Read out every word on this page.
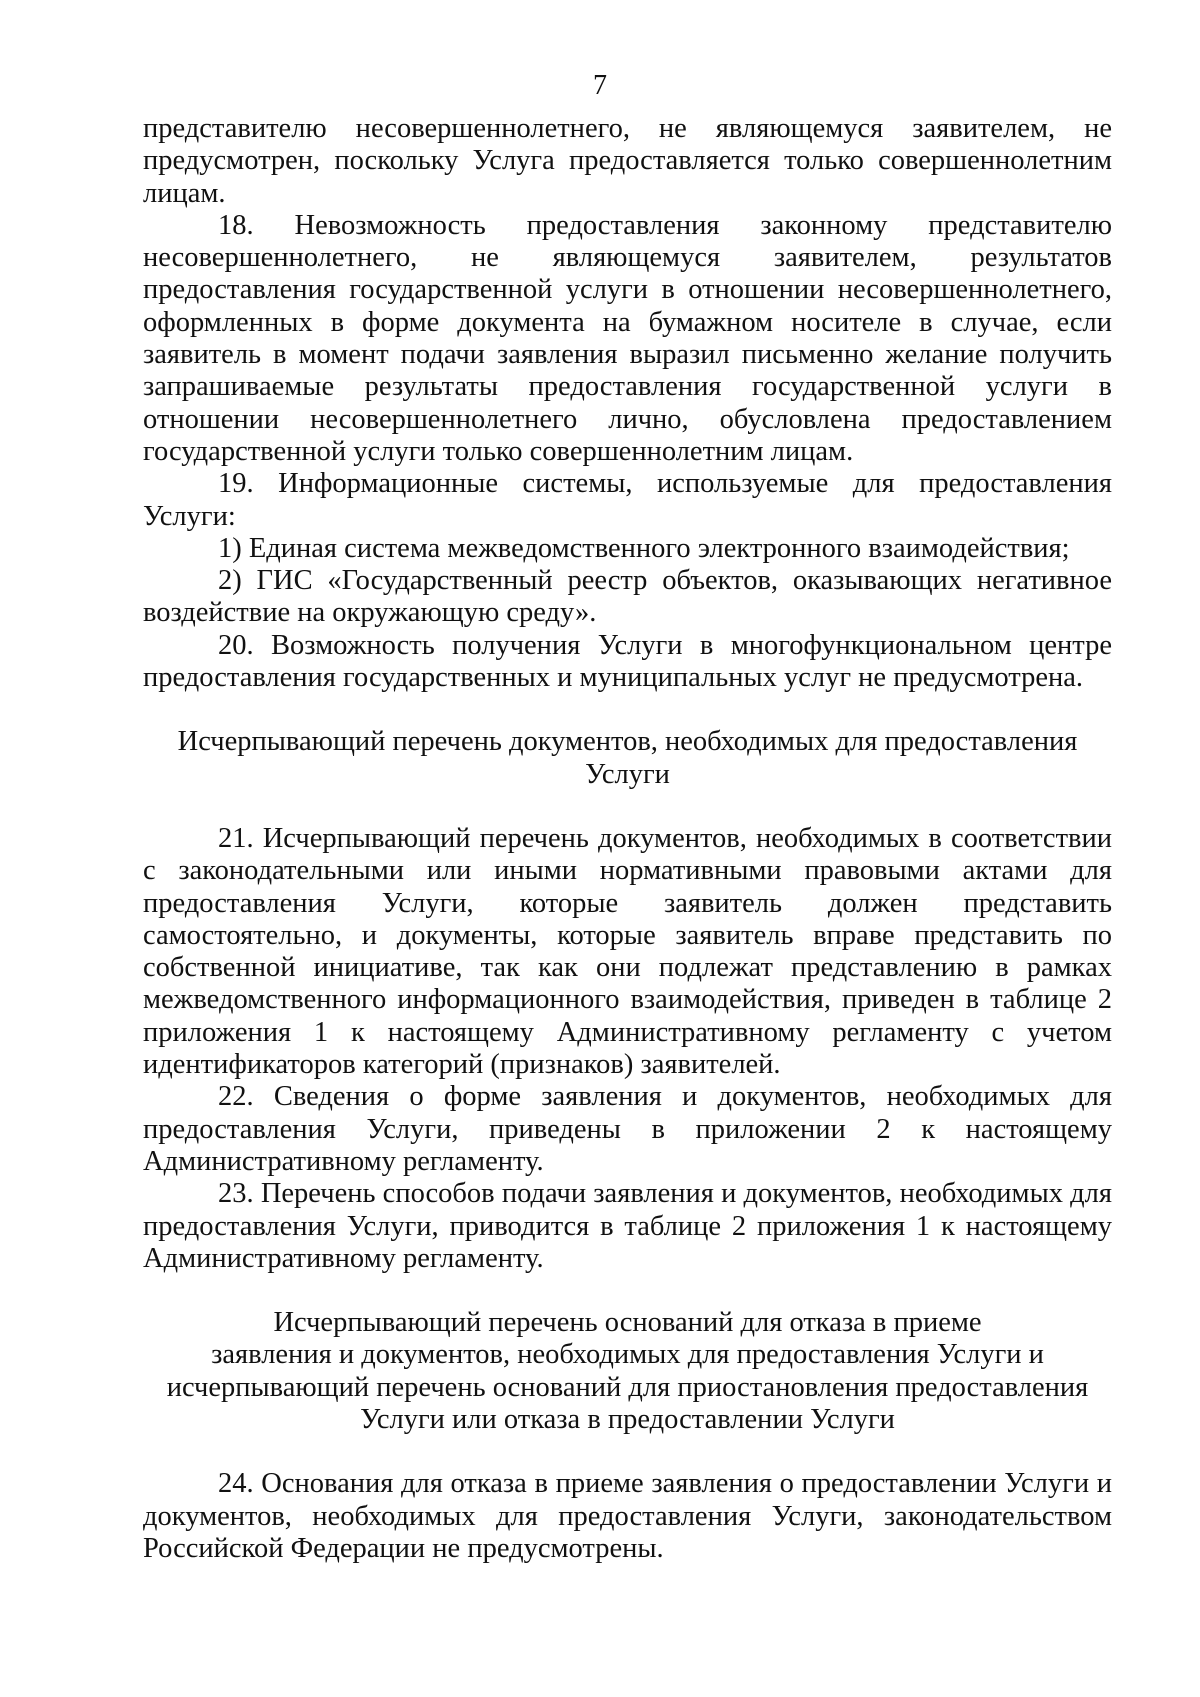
7

представителю несовершеннолетнего, не являющемуся заявителем, не предусмотрен, поскольку Услуга предоставляется только совершеннолетним лицам.

18. Невозможность предоставления законному представителю несовершеннолетнего, не являющемуся заявителем, результатов предоставления государственной услуги в отношении несовершеннолетнего, оформленных в форме документа на бумажном носителе в случае, если заявитель в момент подачи заявления выразил письменно желание получить запрашиваемые результаты предоставления государственной услуги в отношении несовершеннолетнего лично, обусловлена предоставлением государственной услуги только совершеннолетним лицам.

19. Информационные системы, используемые для предоставления Услуги:

1) Единая система межведомственного электронного взаимодействия;

2) ГИС «Государственный реестр объектов, оказывающих негативное воздействие на окружающую среду».

20. Возможность получения Услуги в многофункциональном центре предоставления государственных и муниципальных услуг не предусмотрена.

Исчерпывающий перечень документов, необходимых для предоставления
Услуги

21. Исчерпывающий перечень документов, необходимых в соответствии с законодательными или иными нормативными правовыми актами для предоставления Услуги, которые заявитель должен представить самостоятельно, и документы, которые заявитель вправе представить по собственной инициативе, так как они подлежат представлению в рамках межведомственного информационного взаимодействия, приведен в таблице 2 приложения 1 к настоящему Административному регламенту с учетом идентификаторов категорий (признаков) заявителей.

22. Сведения о форме заявления и документов, необходимых для предоставления Услуги, приведены в приложении 2 к настоящему Административному регламенту.

23. Перечень способов подачи заявления и документов, необходимых для предоставления Услуги, приводится в таблице 2 приложения 1 к настоящему Административному регламенту.

Исчерпывающий перечень оснований для отказа в приеме
заявления и документов, необходимых для предоставления Услуги и
исчерпывающий перечень оснований для приостановления предоставления
Услуги или отказа в предоставлении Услуги

24. Основания для отказа в приеме заявления о предоставлении Услуги и документов, необходимых для предоставления Услуги, законодательством Российской Федерации не предусмотрены.
